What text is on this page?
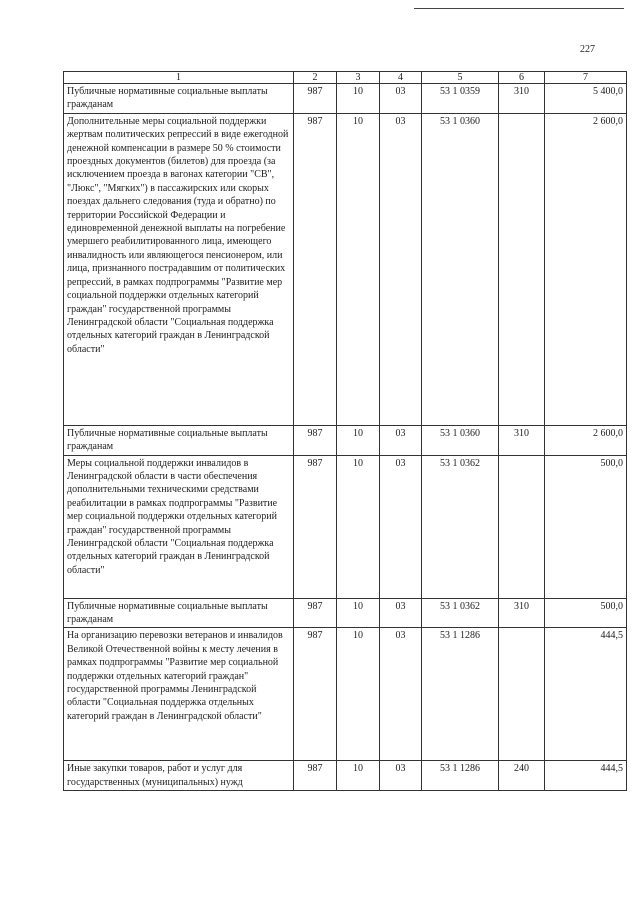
227
1	2	3	4	5	6	7
Публичные нормативные социальные выплаты гражданам	987	10	03	53 1 0359	310	5 400,0
Дополнительные меры социальной поддержки жертвам политических репрессий в виде ежегодной денежной компенсации в размере 50 % стоимости проездных документов (билетов) для проезда (за исключением проезда в вагонах категории "СВ", "Люкс", "Мягких") в пассажирских или скорых поездах дальнего следования (туда и обратно) по территории Российской Федерации и единовременной денежной выплаты на погребение умершего реабилитированного лица, имеющего инвалидность или являющегося пенсионером, или лица, признанного пострадавшим от политических репрессий, в рамках подпрограммы "Развитие мер социальной поддержки отдельных категорий граждан" государственной программы Ленинградской области "Социальная поддержка отдельных категорий граждан в Ленинградской области"	987	10	03	53 1 0360		2 600,0
Публичные нормативные социальные выплаты гражданам	987	10	03	53 1 0360	310	2 600,0
Меры социальной поддержки инвалидов в Ленинградской области в части обеспечения дополнительными техническими средствами реабилитации в рамках подпрограммы "Развитие мер социальной поддержки отдельных категорий граждан" государственной программы Ленинградской области "Социальная поддержка отдельных категорий граждан в Ленинградской области"	987	10	03	53 1 0362		500,0
Публичные нормативные социальные выплаты гражданам	987	10	03	53 1 0362	310	500,0
На организацию перевозки ветеранов и инвалидов Великой Отечественной войны к месту лечения в рамках подпрограммы "Развитие мер социальной поддержки отдельных категорий граждан" государственной программы Ленинградской области "Социальная поддержка отдельных категорий граждан в Ленинградской области"	987	10	03	53 1 1286		444,5
Иные закупки товаров, работ и услуг для государственных (муниципальных) нужд	987	10	03	53 1 1286	240	444,5
